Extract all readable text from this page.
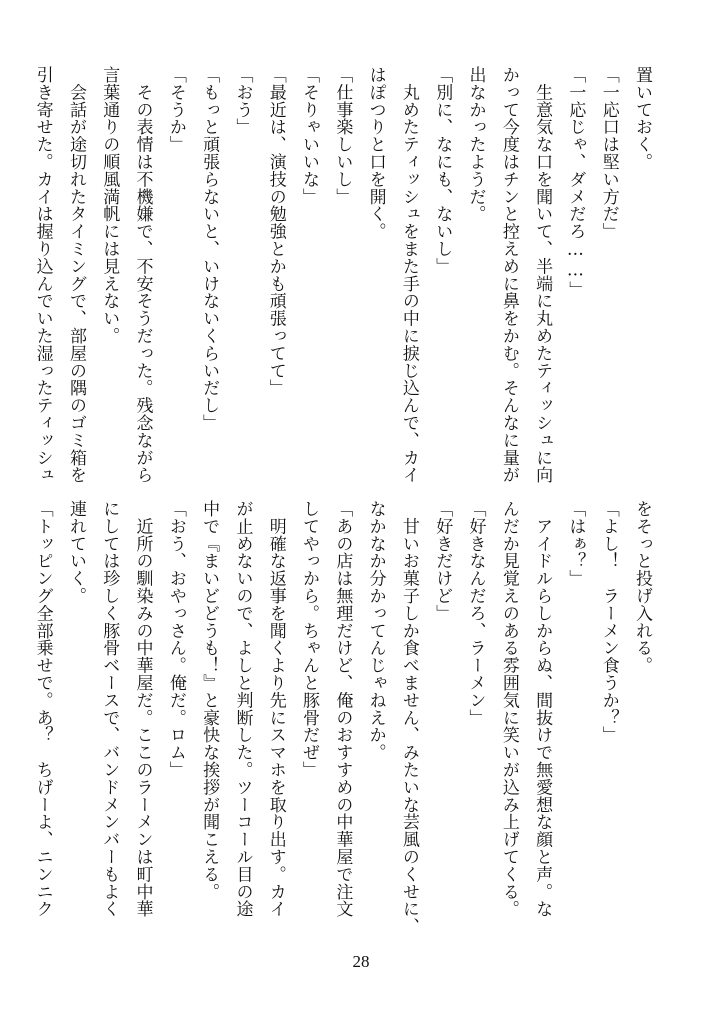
置いておく。
「一応口は堅い方だ」
「一応じゃ、ダメだろ……」
　生意気な口を聞いて、半端に丸めたティッシュに向
かって今度はチンと控えめに鼻をかむ。そんなに量が
出なかったようだ。
「別に、なにも、ないし」
　丸めたティッシュをまた手の中に捩じ込んで、カイ
はぽつりと口を開く。
「仕事楽しいし」
「そりゃいいな」
「最近は、演技の勉強とかも頑張ってて」
「おう」
「もっと頑張らないと、いけないくらいだし」
「そうか」
　その表情は不機嫌で、不安そうだった。残念ながら
言葉通りの順風満帆には見えない。
　会話が途切れたタイミングで、部屋の隅のゴミ箱を
引き寄せた。カイは握り込んでいた湿ったティッシュ
をそっと投げ入れる。
「よし！　ラーメン食うか？」
「はぁ？」
　アイドルらしからぬ、間抜けで無愛想な顔と声。な
んだか見覚えのある雰囲気に笑いが込み上げてくる。
「好きなんだろ、ラーメン」
「好きだけど」
　甘いお菓子しか食べません、みたいな芸風のくせに、
なかなか分かってんじゃねえか。
「あの店は無理だけど、俺のおすすめの中華屋で注文
してやっから。ちゃんと豚骨だぜ」
　明確な返事を聞くより先にスマホを取り出す。カイ
が止めないので、よしと判断した。ツーコール目の途
中で『まいどどうも！』と豪快な挨拶が聞こえる。
「おう、おやっさん。俺だ。ロム」
　近所の馴染みの中華屋だ。ここのラーメンは町中華
にしては珍しく豚骨ベースで、バンドメンバーもよく
連れていく。
「トッピング全部乗せで。あ？　ちげーよ、ニンニク
28
